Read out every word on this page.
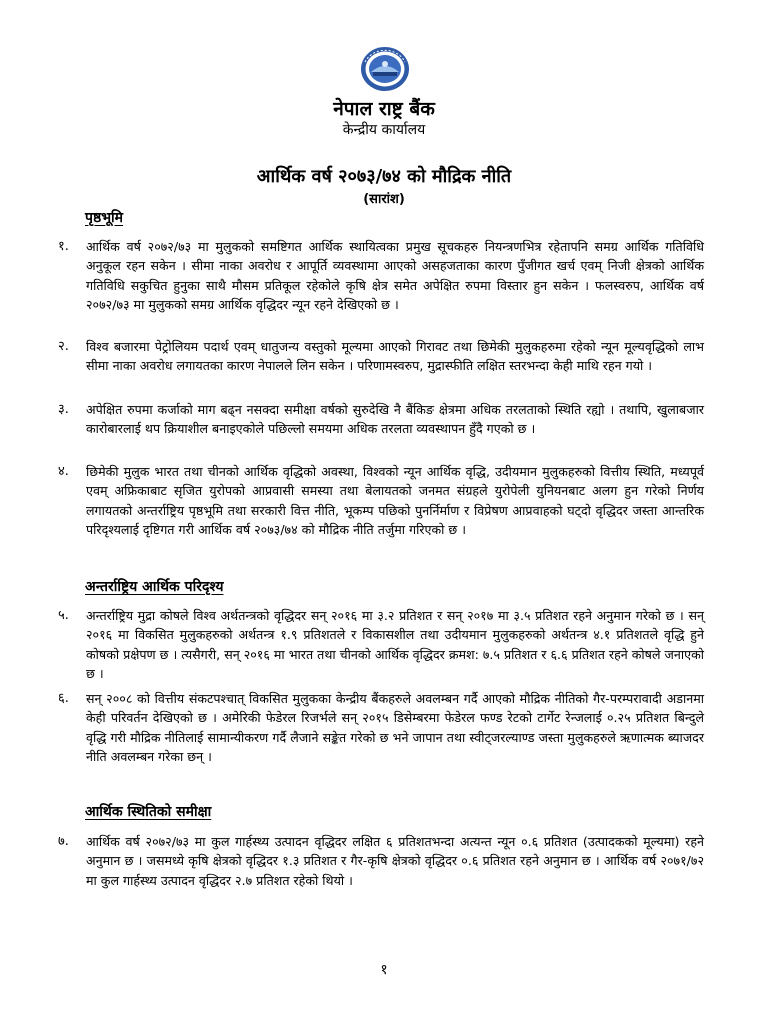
नेपाल राष्ट्र बैंक
केन्द्रीय कार्यालय
आर्थिक वर्ष २०७३/७४ को मौद्रिक नीति
(सारांश)
पृष्ठभूमि
१. आर्थिक वर्ष २०७२/७३ मा मुलुकको समष्टिगत आर्थिक स्थायित्वका प्रमुख सूचकहरु नियन्त्रणभित्र रहेतापनि समग्र आर्थिक गतिविधि अनुकूल रहन सकेन । सीमा नाका अवरोध र आपूर्ति व्यवस्थामा आएको असहजताका कारण पुँजीगत खर्च एवम् निजी क्षेत्रको आर्थिक गतिविधि सकुचित हुनुका साथै मौसम प्रतिकूल रहेकोले कृषि क्षेत्र समेत अपेक्षित रुपमा विस्तार हुन सकेन । फलस्वरुप, आर्थिक वर्ष २०७२/७३ मा मुलुकको समग्र आर्थिक वृद्धिदर न्यून रहने देखिएको छ ।
२. विश्व बजारमा पेट्रोलियम पदार्थ एवम् धातुजन्य वस्तुको मूल्यमा आएको गिरावट तथा छिमेकी मुलुकहरुमा रहेको न्यून मूल्यवृद्धिको लाभ सीमा नाका अवरोध लगायतका कारण नेपालले लिन सकेन । परिणामस्वरुप, मुद्रास्फीति लक्षित स्तरभन्दा केही माथि रहन गयो ।
३. अपेक्षित रुपमा कर्जाको माग बढ्न नसक्दा समीक्षा वर्षको सुरुदेखि नै बैंकिङ क्षेत्रमा अधिक तरलताको स्थिति रह्यो । तथापि, खुलाबजार कारोबारलाई थप क्रियाशील बनाइएकोले पछिल्लो समयमा अधिक तरलता व्यवस्थापन हुँदै गएको छ ।
४. छिमेकी मुलुक भारत तथा चीनको आर्थिक वृद्धिको अवस्था, विश्वको न्यून आर्थिक वृद्धि, उदीयमान मुलुकहरुको वित्तीय स्थिति, मध्यपूर्व एवम् अफ्रिकाबाट सृजित युरोपको आप्रवासी समस्या तथा बेलायतको जनमत संग्रहले युरोपेली युनियनबाट अलग हुन गरेको निर्णय लगायतको अन्तर्राष्ट्रिय पृष्ठभूमि तथा सरकारी वित्त नीति, भूकम्प पछिको पुनर्निर्माण र विप्रेषण आप्रवाहको घट्दो वृद्धिदर जस्ता आन्तरिक परिदृश्यलाई दृष्टिगत गरी आर्थिक वर्ष २०७३/७४ को मौद्रिक नीति तर्जुमा गरिएको छ ।
अन्तर्राष्ट्रिय आर्थिक परिदृश्य
५. अन्तर्राष्ट्रिय मुद्रा कोषले विश्व अर्थतन्त्रको वृद्धिदर सन् २०१६ मा ३.२ प्रतिशत र सन् २०१७ मा ३.५ प्रतिशत रहने अनुमान गरेको छ । सन् २०१६ मा विकसित मुलुकहरुको अर्थतन्त्र १.९ प्रतिशतले र विकासशील तथा उदीयमान मुलुकहरुको अर्थतन्त्र ४.१ प्रतिशतले वृद्धि हुने कोषको प्रक्षेपण छ । त्यसैगरी, सन् २०१६ मा भारत तथा चीनको आर्थिक वृद्धिदर क्रमश: ७.५ प्रतिशत र ६.६ प्रतिशत रहने कोषले जनाएको छ ।
६. सन् २००८ को वित्तीय संकटपश्चात् विकसित मुलुकका केन्द्रीय बैंकहरुले अवलम्बन गर्दै आएको मौद्रिक नीतिको गैर-परम्परावादी अडानमा केही परिवर्तन देखिएको छ । अमेरिकी फेडेरल रिजर्भले सन् २०१५ डिसेम्बरमा फेडेरल फण्ड रेटको टार्गेट रेन्जलाई ०.२५ प्रतिशत बिन्दुले वृद्धि गरी मौद्रिक नीतिलाई सामान्यीकरण गर्दै लैजाने सङ्केत गरेको छ भने जापान तथा स्वीट्जरल्याण्ड जस्ता मुलुकहरुले ऋणात्मक ब्याजदर नीति अवलम्बन गरेका छन् ।
आर्थिक स्थितिको समीक्षा
७. आर्थिक वर्ष २०७२/७३ मा कुल गार्हस्थ्य उत्पादन वृद्धिदर लक्षित ६ प्रतिशतभन्दा अत्यन्त न्यून ०.६ प्रतिशत (उत्पादकको मूल्यमा) रहने अनुमान छ । जसमध्ये कृषि क्षेत्रको वृद्धिदर १.३ प्रतिशत र गैर-कृषि क्षेत्रको वृद्धिदर ०.६ प्रतिशत रहने अनुमान छ । आर्थिक वर्ष २०७१/७२ मा कुल गार्हस्थ्य उत्पादन वृद्धिदर २.७ प्रतिशत रहेको थियो ।
१
